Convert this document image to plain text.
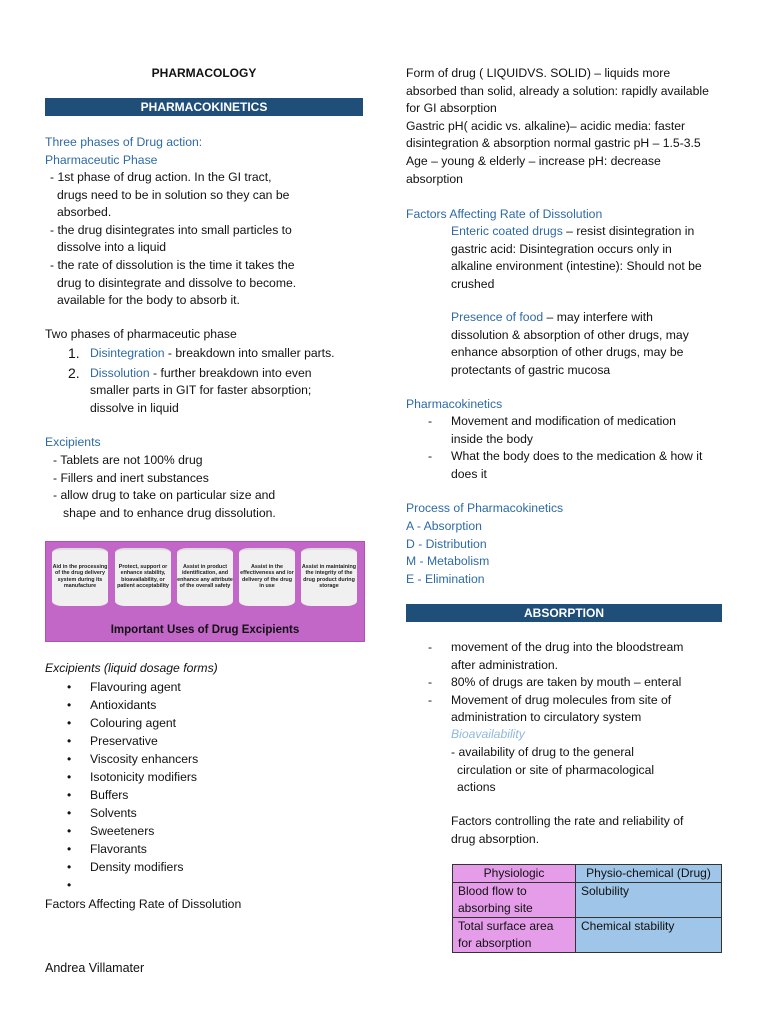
PHARMACOLOGY
PHARMACOKINETICS
Three phases of Drug action:
Pharmaceutic Phase

- 1st phase of drug action. In the GI tract,

drugs need to be in solution so they can be

absorbed.

- the drug disintegrates into small particles to

dissolve into a liquid

- the rate of dissolution is the time it takes the

drug to disintegrate and dissolve to become.

available for the body to absorb it.

Two phases of pharmaceutic phase
1. Disintegration - breakdown into smaller parts.
2. Dissolution - further breakdown into even
smaller parts in GIT for faster absorption;
dissolve in liquid
Excipients

- Tablets are not 100% drug

- Fillers and inert substances

- allow drug to take on particular size and

shape and to enhance drug dissolution.

Aid in the processing of the drug delivery system during its manufacture
Protect, support or enhance stability, bioavailability, or patient acceptability
Assist in product identification, and enhance any attribute of the overall safety
Assist in the effectiveness and /or delivery of the drug in use
Assist in maintaining the integrity of the drug product during storage
Important Uses of Drug Excipients
Excipients (liquid dosage forms)
• Flavouring agent
• Antioxidants
• Colouring agent
• Preservative
• Viscosity enhancers
• Isotonicity modifiers
• Buffers
• Solvents
• Sweeteners
• Flavorants
• Density modifiers
•
Factors Affecting Rate of Dissolution
Andrea Villamater

Form of drug ( LIQUIDVS. SOLID) – liquids more

absorbed than solid, already a solution: rapidly available

for GI absorption

Gastric pH( acidic vs. alkaline)– acidic media: faster

disintegration & absorption normal gastric pH – 1.5-3.5

Age – young & elderly – increase pH: decrease

absorption

Factors Affecting Rate of Dissolution

Enteric coated drugs – resist disintegration in

gastric acid: Disintegration occurs only in

alkaline environment (intestine): Should not be

crushed

Presence of food – may interfere with

dissolution & absorption of other drugs, may

enhance absorption of other drugs, may be

protectants of gastric mucosa

Pharmacokinetics
- Movement and modification of medication
inside the body
- What the body does to the medication & how it
does it
Process of Pharmacokinetics

A - Absorption

D - Distribution

M - Metabolism

E - Elimination

ABSORPTION
- movement of the drug into the bloodstream
after administration.
- 80% of drugs are taken by mouth – enteral
- Movement of drug molecules from site of
administration to circulatory system
Bioavailability

- availability of drug to the general

circulation or site of pharmacological

actions

Factors controlling the rate and reliability of

drug absorption.

Physiologic	Physio-chemical (Drug)
Blood flow to absorbing site	Solubility
Total surface area for absorption	Chemical stability
